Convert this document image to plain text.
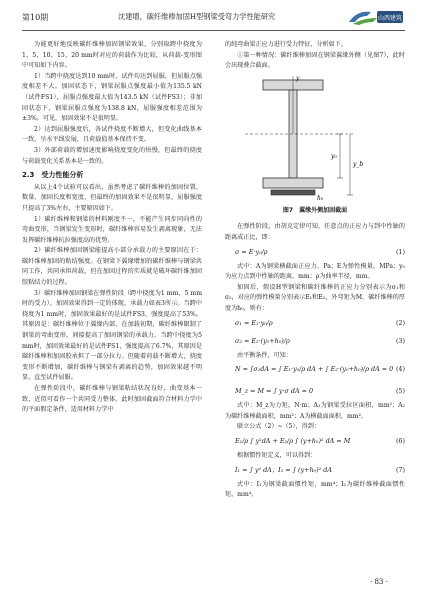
第10期	沈建增，碳纤维棒加固H型钢梁受弯力学性能研究	山西建筑

为能更好地反映碳纤维棒加固钢梁效果，分别取跨中挠度为1、5、10、15、20 mm时对应的荷载作为比较，从荷载-变形图中可知如下内容。

1）当跨中挠度达到10 mm时，试件均达到屈服，但屈服点强度相差不大。加固状态下，钢梁屈服点强度最小值为135.5 kN（试件FS1），屈服点强度最大值为143.5 kN（试件FS3）；非加固状态下，钢梁屈服点强度为138.8 kN，屈服强度相差范围为±3%。可见，加固效果不是很明显。

2）达到屈服强度后，各试件挠度不断增大，但变化曲线基本一致，呈水平线发展，且荷载值基本保持不变。

3）外部荷载的增加速度影响挠度变化的快慢，但最终的挠度与荷载变化关系基本是一致的。

2.3　受力性能分析

从以上4个试验可以看出，虽然考虑了碳纤维棒的加固位置、数量、加固长度和宽度，但最终的加固效果不是很明显，屈服强度只提高了3%左右，主要原因如下。

1）碳纤维棒和钢梁的材料刚度不一，不能产生同步同向性的弯曲变形，当钢梁发生变形时，碳纤维棒容易发生剥离现象，无法发挥碳纤维棒抗拉强度高的优势。

2）碳纤维棒加固钢梁能提高小部分承载力的主要原因在于：碳纤维棒加固的粘结强度。在钢梁下翼缘增加的碳纤维棒与钢梁共同工作，共同承担荷载，但在加固过程的实质就是破坏碳纤维加固胶粘结力的过程。

3）碳纤维棒加固钢梁在弹性阶段（跨中挠度为1 mm、5 mm时的受力），加固效果得到一定的体现，承载力如表3所示。当跨中挠度为1 mm时，加固效果最好的是试件FS3，强度提高了53%。其原因是：碳纤维棒位于翼缘内部，在加载初期，碳纤维棒限制了钢梁的弯曲变形，间接提高了加固钢梁的承载力。当跨中挠度为5 mm时，加固效果最好的是试件FS1，强度提高了6.7%，其原因是碳纤维棒和加固胶承担了一部分拉力。但随着荷载不断增大，挠度变形不断增加，碳纤维棒与钢梁有剥离的趋势，加固效果越不明显，直至试件屈服。

在弹性阶段中，碳纤维棒与钢梁粘结状况良好，曲变基本一致，近似可看作一个共同受力整体，此时加固截面符合材料力学中的平面假定条件，适用材料力学中

的纯弯曲梁正应力进行受力特征，分析如下。

①第一种情况：碳纤维棒加固在钢梁翼缘外侧（见图7），此时会出现叠合截面。

y
y₀
y_b
h₀
图7　翼缘外侧加固截面

在弹性阶段，由胡克定律可知，任意点的正应力与到中性轴的距离成正比，即：

σ = E·y₀/ρ	(1)

式中：A为钢梁横截面正应力，Pa；E为弹性模量，MPa；y₀为应力点到中性轴的距离，mm；ρ为曲率半径，mm。

加固后，假设H型钢梁和碳纤维棒的正应力分别表示为σ₁和σ₂，对应的弹性模量分别表示E₁和E₂，外弯矩为M，碳纤维棒的厚度为h₀，则有：

σ₁ = E₁·y₀/ρ	(2)
σ₂ = E₂·(y₀+h₀)/ρ	(3)

由平衡条件，可知：

N = ∫σ₁dA = ∫ E₁·y₀/ρ dA + ∫ E₂·(y₀+h₀)/ρ dA = 0 (4)
M_z = M = ∫ y·σ dA = 0	(5)

式中：M_z为力矩，N·m；A₁为钢梁受拉区面积，mm²；A₂为碳纤维棒截面积，mm²；A为横截面面积，mm²。

联立公式（2）~（5），得到：

E₁/ρ ∫ y²dA + E₂/ρ ∫ (y+h₀)² dA = M	(6)

根据惯性矩定义，可以得到：

I₁ = ∫ y² dA；I₂ = ∫ (y+h₀)² dA	(7)

式中：I₁为钢梁截面惯性矩，mm⁴；I₂为碳纤维棒截面惯性矩，mm⁴。

· 83 ·
